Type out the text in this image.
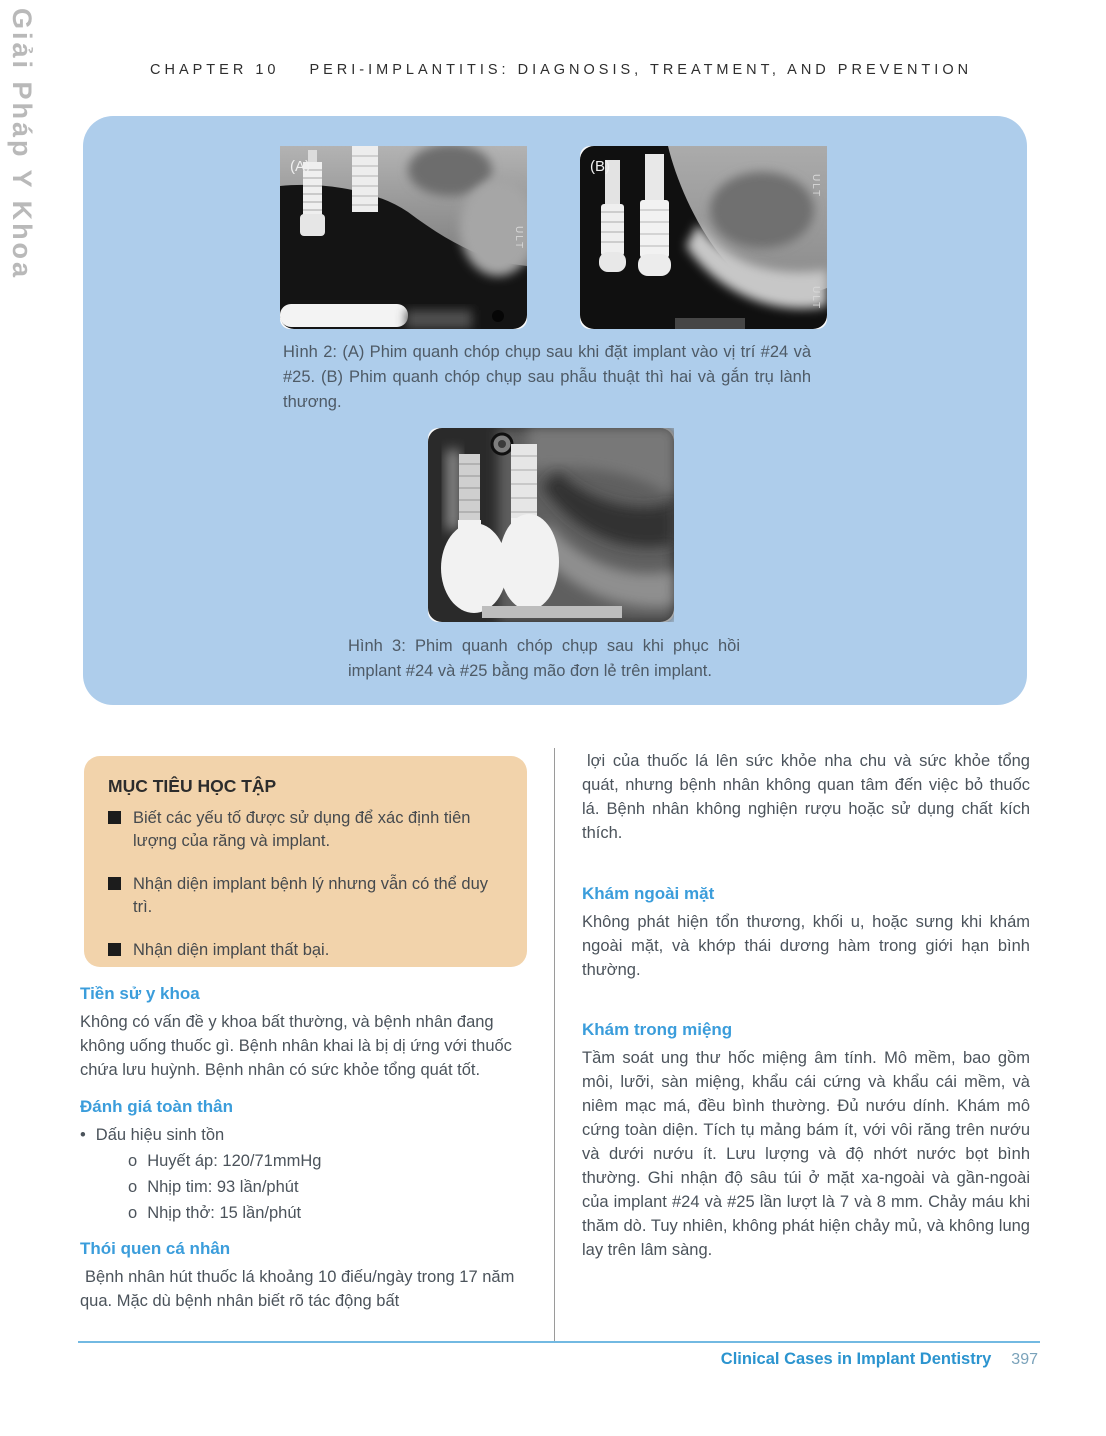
Giải Pháp Y Khoa	CHAPTER 10 PERI-IMPLANTITIS: DIAGNOSIS, TREATMENT, AND PREVENTION
(A)
ULT
(B)
ULT
ULT

Hình 2: (A) Phim quanh chóp chụp sau khi đặt implant vào vị trí #24 và #25. (B) Phim quanh chóp chụp sau phẫu thuật thì hai và gắn trụ lành thương.

Hình 3: Phim quanh chóp chụp sau khi phục hồi implant #24 và #25 bằng mão đơn lẻ trên implant.

MỤC TIÊU HỌC TẬP
Biết các yếu tố được sử dụng để xác định tiên lượng của răng và implant.
Nhận diện implant bệnh lý nhưng vẫn có thể duy trì.
Nhận diện implant thất bại.
Tiền sử y khoa

Không có vấn đề y khoa bất thường, và bệnh nhân đang không uống thuốc gì. Bệnh nhân khai là bị dị ứng với thuốc chứa lưu huỳnh. Bệnh nhân có sức khỏe tổng quát tốt.

Đánh giá toàn thân
• Dấu hiệu sinh tồn
o Huyết áp: 120/71mmHg
o Nhịp tim: 93 lần/phút
o Nhịp thở: 15 lần/phút
Thói quen cá nhân

Bệnh nhân hút thuốc lá khoảng 10 điếu/ngày trong 17 năm qua. Mặc dù bệnh nhân biết rõ tác động bất

lợi của thuốc lá lên sức khỏe nha chu và sức khỏe tổng quát, nhưng bệnh nhân không quan tâm đến việc bỏ thuốc lá. Bệnh nhân không nghiện rượu hoặc sử dụng chất kích thích.

Khám ngoài mặt

Không phát hiện tổn thương, khối u, hoặc sưng khi khám ngoài mặt, và khớp thái dương hàm trong giới hạn bình thường.

Khám trong miệng

Tầm soát ung thư hốc miệng âm tính. Mô mềm, bao gồm môi, lưỡi, sàn miệng, khẩu cái cứng và khẩu cái mềm, và niêm mạc má, đều bình thường. Đủ nướu dính. Khám mô cứng toàn diện. Tích tụ mảng bám ít, với vôi răng trên nướu và dưới nướu ít. Lưu lượng và độ nhớt nước bọt bình thường. Ghi nhận độ sâu túi ở mặt xa-ngoài và gần-ngoài của implant #24 và #25 lần lượt là 7 và 8 mm. Chảy máu khi thăm dò. Tuy nhiên, không phát hiện chảy mủ, và không lung lay trên lâm sàng.

Clinical Cases in Implant Dentistry 397
